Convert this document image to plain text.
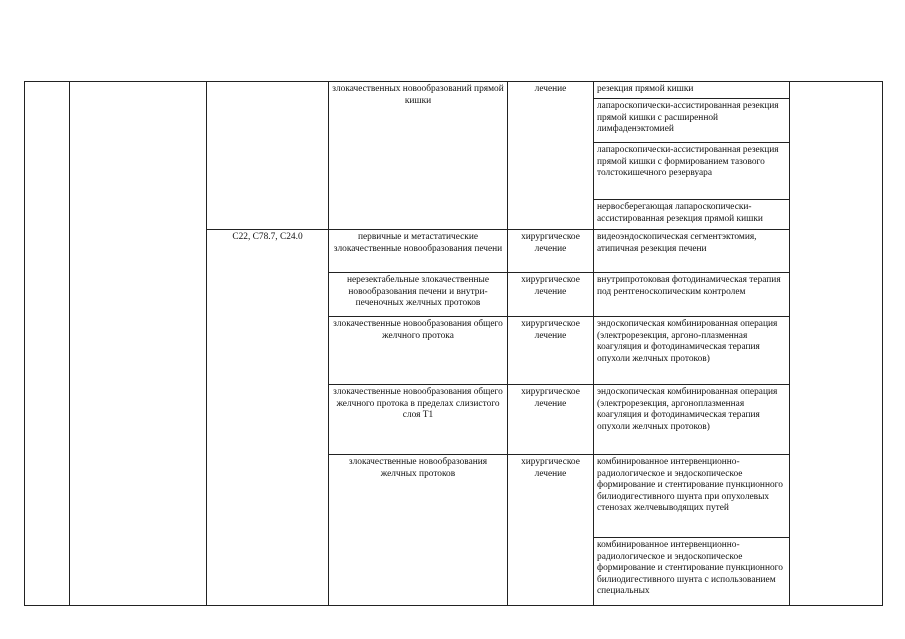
			злокачественных новообразований прямой кишки	лечение	резекция прямой кишки	
					лапароскопически-ассистированная резекция прямой кишки с расширенной лимфаденэктомией	
					лапароскопически-ассистированная резекция прямой кишки с формированием тазового толстокишечного резервуара	
					нервосберегающая лапароскопически-ассистированная резекция прямой кишки	
		C22, C78.7, C24.0	первичные и метастатические злокачественные новообразования печени	хирургическое лечение	видеоэндоскопическая сегментэктомия, атипичная резекция печени	
			нерезектабельные злокачественные новообразования печени и внутри-печеночных желчных протоков	хирургическое лечение	внутрипротоковая фотодинамическая терапия под рентгеноскопическим контролем	
			злокачественные новообразования общего желчного протока	хирургическое лечение	эндоскопическая комбинированная операция (электрорезекция, аргоно-плазменная коагуляция и фотодинамическая терапия опухоли желчных протоков)	
			злокачественные новообразования общего желчного протока в пределах слизистого слоя T1	хирургическое лечение	эндоскопическая комбинированная операция (электрорезекция, аргоноплазменная коагуляция и фотодинамическая терапия опухоли желчных протоков)	
			злокачественные новообразования желчных протоков	хирургическое лечение	комбинированное интервенционно-радиологическое и эндоскопическое формирование и стентирование пункционного билиодигестивного шунта при опухолевых стенозах желчевыводящих путей	

					комбинированное интервенционно-радиологическое и эндоскопическое формирование и стентирование пункционного билиодигестивного шунта с использованием специальных	
